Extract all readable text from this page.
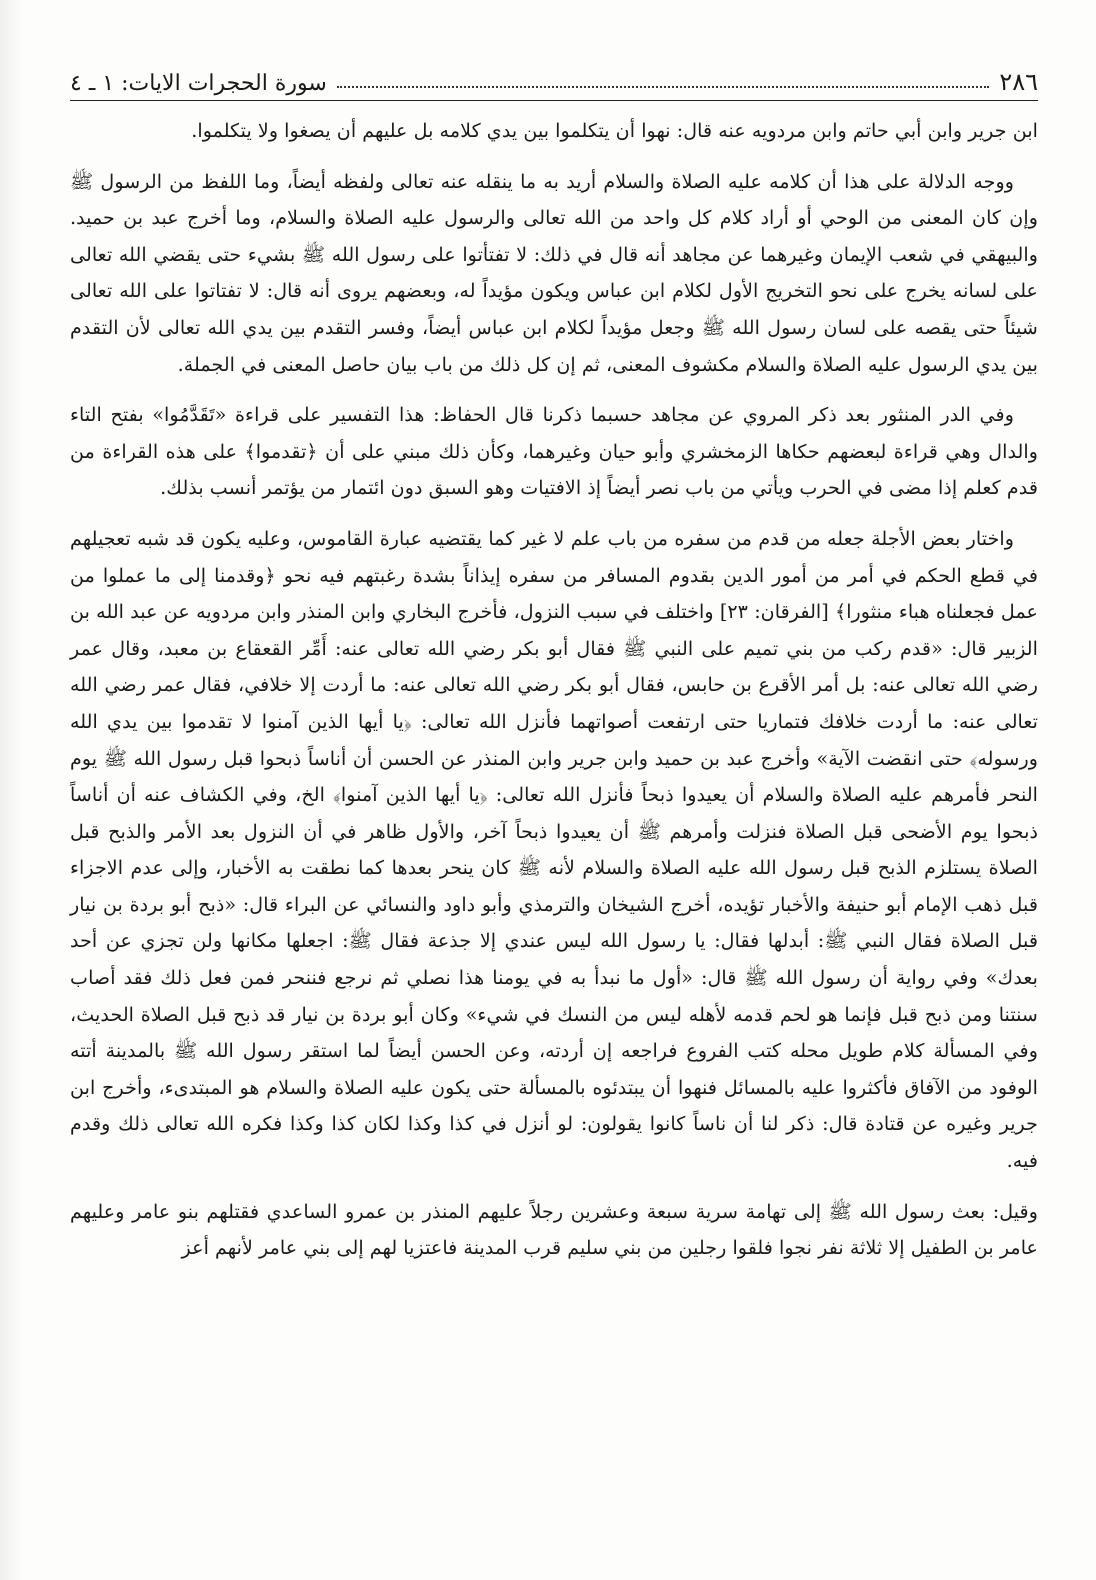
٢٨٦
سورة الحجرات الايات: ١ ـ ٤

ابن جرير وابن أبي حاتم وابن مردويه عنه قال: نهوا أن يتكلموا بين يدي كلامه بل عليهم أن يصغوا ولا يتكلموا.

ووجه الدلالة على هذا أن كلامه عليه الصلاة والسلام أريد به ما ينقله عنه تعالى ولفظه أيضاً، وما اللفظ من الرسول ﷺ وإن كان المعنى من الوحي أو أراد كلام كل واحد من الله تعالى والرسول عليه الصلاة والسلام، وما أخرج عبد بن حميد. والبيهقي في شعب الإيمان وغيرهما عن مجاهد أنه قال في ذلك: لا تفتأتوا على رسول الله ﷺ بشيء حتى يقضي الله تعالى على لسانه يخرج على نحو التخريج الأول لكلام ابن عباس ويكون مؤيداً له، وبعضهم يروى أنه قال: لا تفتاتوا على الله تعالى شيئاً حتى يقصه على لسان رسول الله ﷺ وجعل مؤيداً لكلام ابن عباس أيضاً، وفسر التقدم بين يدي الله تعالى لأن التقدم بين يدي الرسول عليه الصلاة والسلام مكشوف المعنى، ثم إن كل ذلك من باب بيان حاصل المعنى في الجملة.

وفي الدر المنثور بعد ذكر المروي عن مجاهد حسبما ذكرنا قال الحفاظ: هذا التفسير على قراءة «تَقَدَّمُوا» بفتح التاء والدال وهي قراءة لبعضهم حكاها الزمخشري وأبو حيان وغيرهما، وكأن ذلك مبني على أن ﴿تقدموا﴾ على هذه القراءة من قدم كعلم إذا مضى في الحرب ويأتي من باب نصر أيضاً إذ الافتيات وهو السبق دون ائتمار من يؤتمر أنسب بذلك.

واختار بعض الأجلة جعله من قدم من سفره من باب علم لا غير كما يقتضيه عبارة القاموس، وعليه يكون قد شبه تعجيلهم في قطع الحكم في أمر من أمور الدين بقدوم المسافر من سفره إيذاناً بشدة رغبتهم فيه نحو ﴿وقدمنا إلى ما عملوا من عمل فجعلناه هباء منثورا﴾ [الفرقان: ٢٣] واختلف في سبب النزول، فأخرج البخاري وابن المنذر وابن مردويه عن عبد الله بن الزبير قال: «قدم ركب من بني تميم على النبي ﷺ فقال أبو بكر رضي الله تعالى عنه: أَمِّر القعقاع بن معبد، وقال عمر رضي الله تعالى عنه: بل أمر الأقرع بن حابس، فقال أبو بكر رضي الله تعالى عنه: ما أردت إلا خلافي، فقال عمر رضي الله تعالى عنه: ما أردت خلافك فتماريا حتى ارتفعت أصواتهما فأنزل الله تعالى: ﴿يا أيها الذين آمنوا لا تقدموا بين يدي الله ورسوله﴾ حتى انقضت الآية» وأخرج عبد بن حميد وابن جرير وابن المنذر عن الحسن أن أناساً ذبحوا قبل رسول الله ﷺ يوم النحر فأمرهم عليه الصلاة والسلام أن يعيدوا ذبحاً فأنزل الله تعالى: ﴿يا أيها الذين آمنوا﴾ الخ، وفي الكشاف عنه أن أناساً ذبحوا يوم الأضحى قبل الصلاة فنزلت وأمرهم ﷺ أن يعيدوا ذبحاً آخر، والأول ظاهر في أن النزول بعد الأمر والذبح قبل الصلاة يستلزم الذبح قبل رسول الله عليه الصلاة والسلام لأنه ﷺ كان ينحر بعدها كما نطقت به الأخبار، وإلى عدم الاجزاء قبل ذهب الإمام أبو حنيفة والأخبار تؤيده، أخرج الشيخان والترمذي وأبو داود والنسائي عن البراء قال: «ذبح أبو بردة بن نيار قبل الصلاة فقال النبي ﷺ: أبدلها فقال: يا رسول الله ليس عندي إلا جذعة فقال ﷺ: اجعلها مكانها ولن تجزي عن أحد بعدك» وفي رواية أن رسول الله ﷺ قال: «أول ما نبدأ به في يومنا هذا نصلي ثم نرجع فننحر فمن فعل ذلك فقد أصاب سنتنا ومن ذبح قبل فإنما هو لحم قدمه لأهله ليس من النسك في شيء» وكان أبو بردة بن نيار قد ذبح قبل الصلاة الحديث، وفي المسألة كلام طويل محله كتب الفروع فراجعه إن أردته، وعن الحسن أيضاً لما استقر رسول الله ﷺ بالمدينة أتته الوفود من الآفاق فأكثروا عليه بالمسائل فنهوا أن يبتدئوه بالمسألة حتى يكون عليه الصلاة والسلام هو المبتدىء، وأخرج ابن جرير وغيره عن قتادة قال: ذكر لنا أن ناساً كانوا يقولون: لو أنزل في كذا وكذا لكان كذا وكذا فكره الله تعالى ذلك وقدم فيه.

وقيل: بعث رسول الله ﷺ إلى تهامة سرية سبعة وعشرين رجلاً عليهم المنذر بن عمرو الساعدي فقتلهم بنو عامر وعليهم عامر بن الطفيل إلا ثلاثة نفر نجوا فلقوا رجلين من بني سليم قرب المدينة فاعتزيا لهم إلى بني عامر لأنهم أعز
